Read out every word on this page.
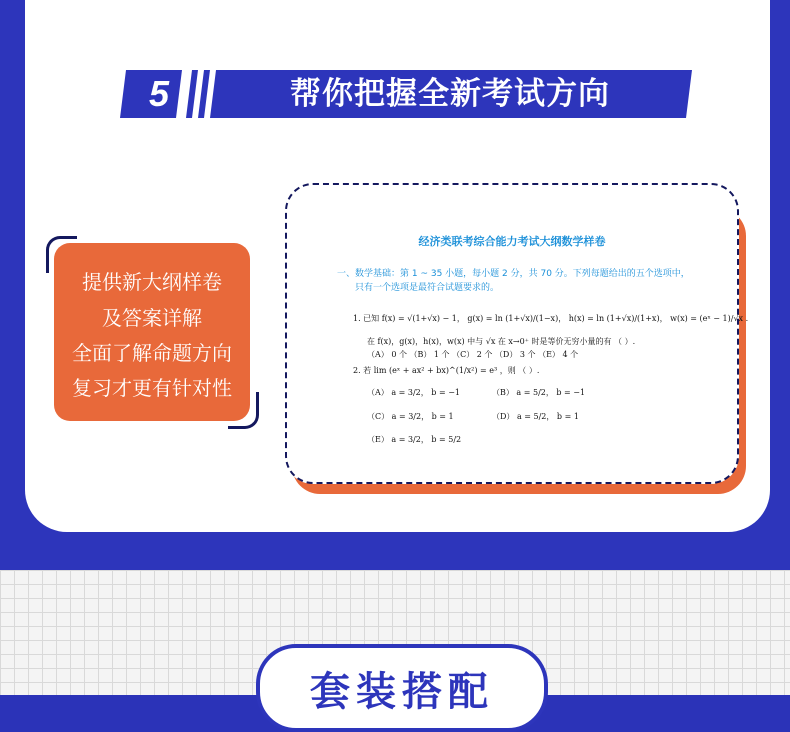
5	帮你把握全新考试方向
提供新大纲样卷
及答案详解
全面了解命题方向
复习才更有针对性
经济类联考综合能力考试大纲数学样卷
一、数学基础：第 1 ~ 35 小题，每小题 2 分，共 70 分。下列每题给出的五个选项中，
只有一个选项是最符合试题要求的。
1. 已知 f(x) = √(1+√x) − 1， g(x) = ln (1+√x)/(1−x)， h(x) = ln (1+√x)/(1+x)， w(x) = (eˣ − 1)/√x .
在 f(x)，g(x)，h(x)，w(x) 中与 √x 在 x→0⁺ 时是等价无穷小量的有 （ ）.
（A） 0 个 （B） 1 个 （C） 2 个 （D） 3 个 （E） 4 个
2. 若 lim (eˣ + ax² + bx)^(1/x²) = e³ ，则 （ ）.
（A） a = 3/2， b = −1	（B） a = 5/2， b = −1
（C） a = 3/2， b = 1	（D） a = 5/2， b = 1
（E） a = 3/2， b = 5/2
套装搭配
